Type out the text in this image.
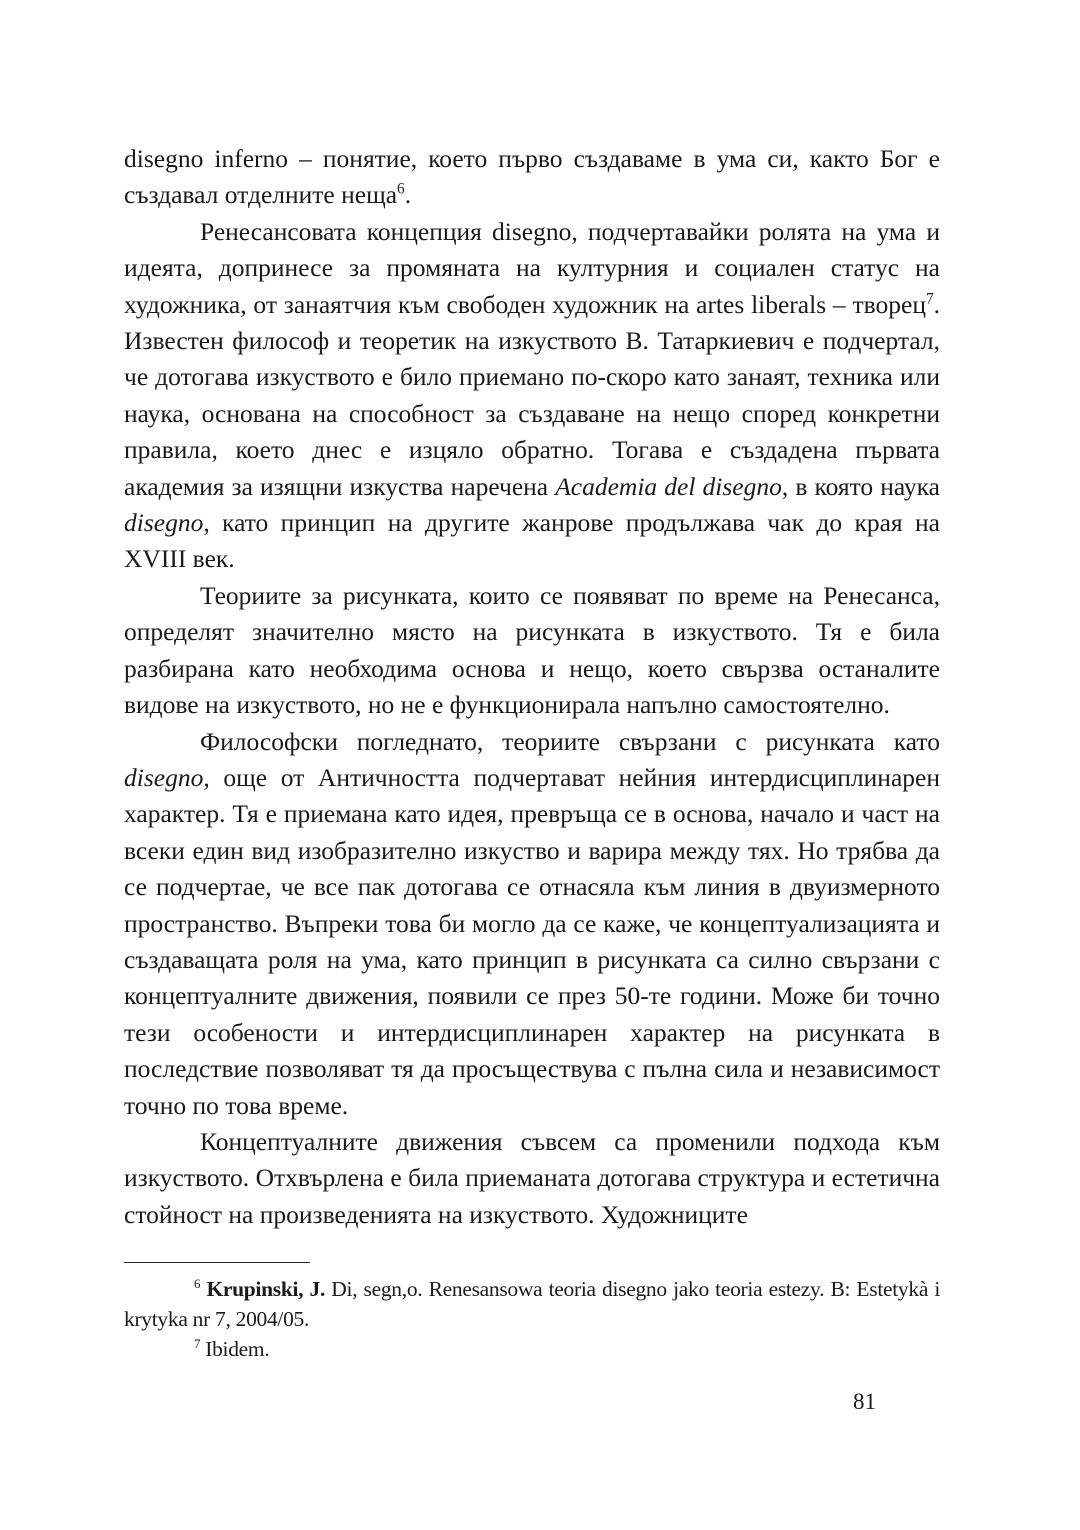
disegno inferno – понятие, което първо създаваме в ума си, както Бог е създавал отделните неща$^6$.

Ренесансовата концепция disegno, подчертавайки ролята на ума и идеята, допринесе за промяната на културния и социален статус на художника, от занаятчия към свободен художник на artes liberals – творец$^7$. Известен философ и теоретик на изкуството В. Татаркиевич е подчертал, че дотогава изкуството е било приемано по-скоро като занаят, техника или наука, основана на способност за създаване на нещо според конкретни правила, което днес е изцяло обратно. Тогава е създадена първата академия за изящни изкуства наречена Academia del disegno, в която наука disegno, като принцип на другите жанрове продължава чак до края на XVIII век.

Теориите за рисунката, които се появяват по време на Ренесанса, определят значително място на рисунката в изкуството. Тя е била разбирана като необходима основа и нещо, което свързва останалите видове на изкуството, но не е функционирала напълно самостоятелно.

Философски погледнато, теориите свързани с рисунката като disegno, още от Античността подчертават нейния интердисциплинарен характер. Тя е приемана като идея, превръща се в основа, начало и част на всеки един вид изобразително изкуство и варира между тях. Но трябва да се подчертае, че все пак дотогава се отнасяла към линия в двуизмерното пространство. Въпреки това би могло да се каже, че концептуализацията и създаващата роля на ума, като принцип в рисунката са силно свързани с концептуалните движения, появили се през 50-те години. Може би точно тези особености и интердисциплинарен характер на рисунката в последствие позволяват тя да просъществува с пълна сила и независимост точно по това време.

Концептуалните движения съвсем са променили подхода към изкуството. Отхвърлена е била приеманата дотогава структура и естетична стойност на произведенията на изкуството. Художниците

$^6$ Krupinski, J. Di, segn,o. Renesansowa teoria disegno jako teoria estezy. В: Estetykà i krytyka nr 7, 2004/05.

$^7$ Ibidem.

81
